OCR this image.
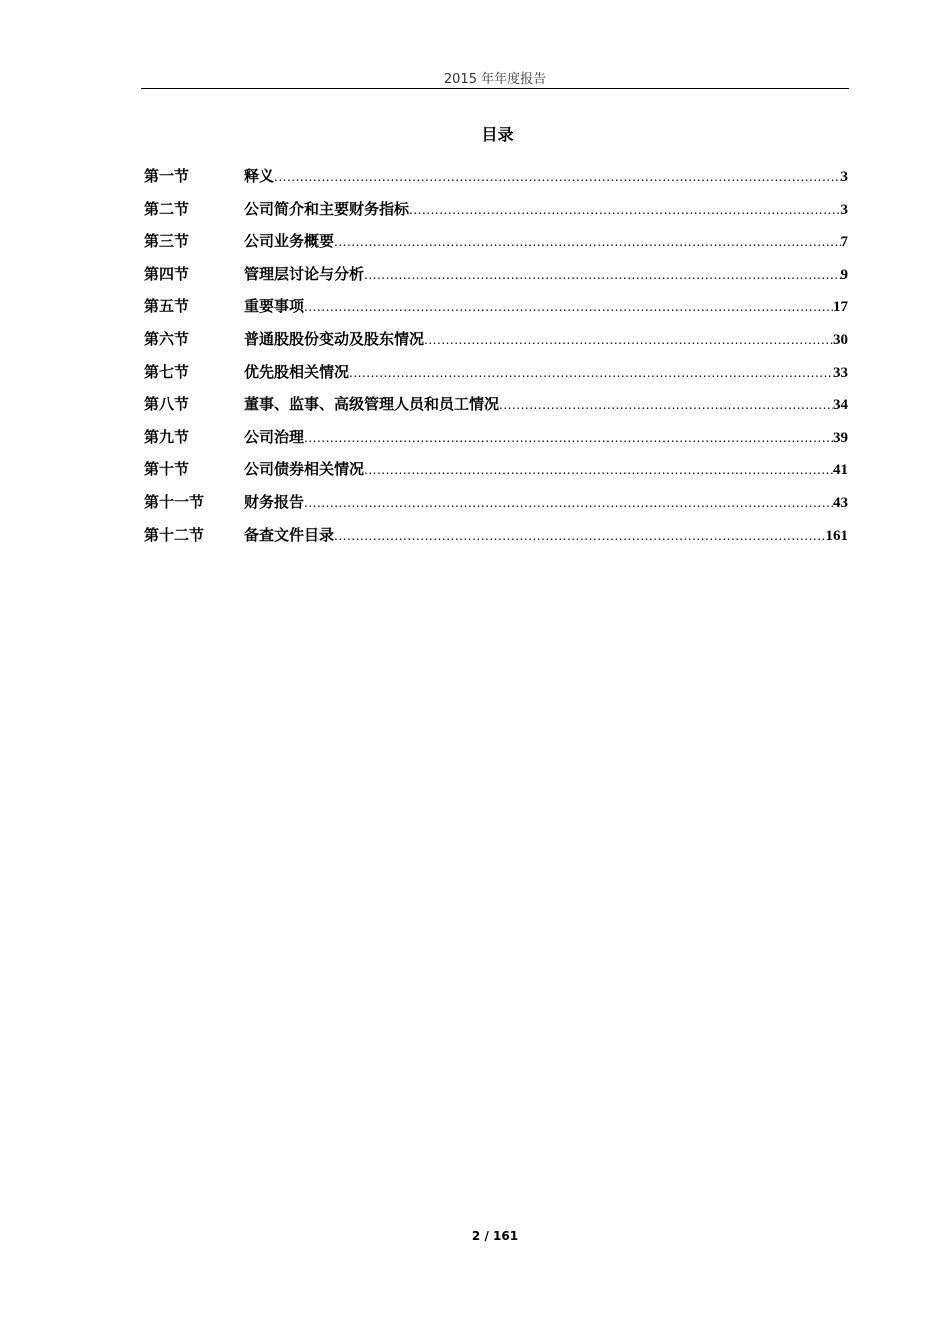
2015 年年度报告
目录
第一节	释义 .....	3
第二节	公司简介和主要财务指标 .....	3
第三节	公司业务概要 .....	7
第四节	管理层讨论与分析 .....	9
第五节	重要事项 .....	17
第六节	普通股股份变动及股东情况 .....	30
第七节	优先股相关情况 .....	33
第八节	董事、监事、高级管理人员和员工情况 .....	34
第九节	公司治理 .....	39
第十节	公司债券相关情况 .....	41
第十一节	财务报告 .....	43
第十二节	备查文件目录 .....	161
2 / 161
